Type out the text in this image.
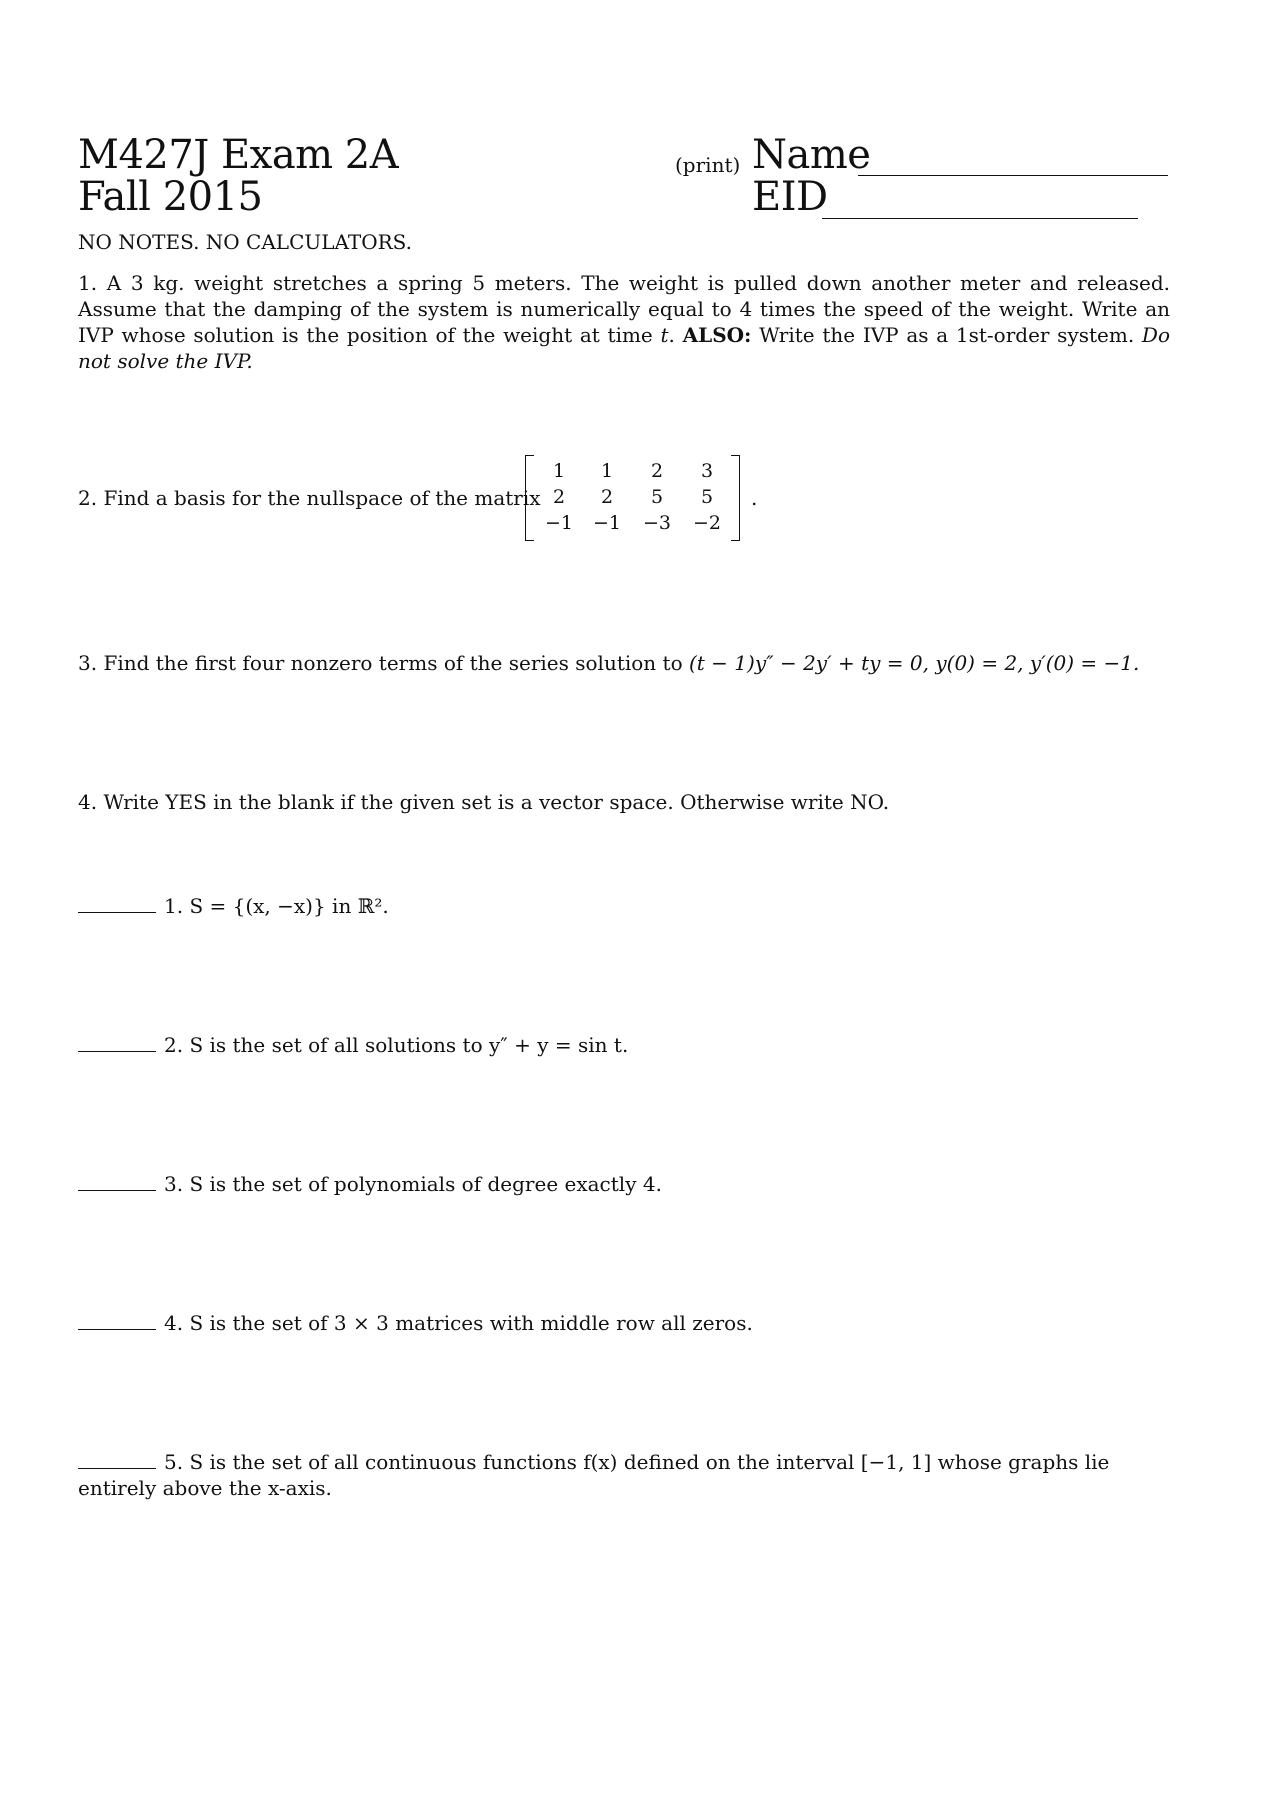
M427J Exam 2A
Fall 2015
(print) Name
EID
NO NOTES. NO CALCULATORS.
1. A 3 kg. weight stretches a spring 5 meters. The weight is pulled down another meter and released. Assume that the damping of the system is numerically equal to 4 times the speed of the weight. Write an IVP whose solution is the position of the weight at time t. ALSO: Write the IVP as a 1st-order system. Do not solve the IVP.
2. Find a basis for the nullspace of the matrix
1	1	2	3
2	2	5	5
−1	−1	−3	−2
.
3. Find the first four nonzero terms of the series solution to (t − 1)y″ − 2y′ + ty = 0, y(0) = 2, y′(0) = −1.
4. Write YES in the blank if the given set is a vector space. Otherwise write NO.
1. S = {(x, −x)} in ℝ².
2. S is the set of all solutions to y″ + y = sin t.
3. S is the set of polynomials of degree exactly 4.
4. S is the set of 3 × 3 matrices with middle row all zeros.
5. S is the set of all continuous functions f(x) defined on the interval [−1, 1] whose graphs lie entirely above the x-axis.
